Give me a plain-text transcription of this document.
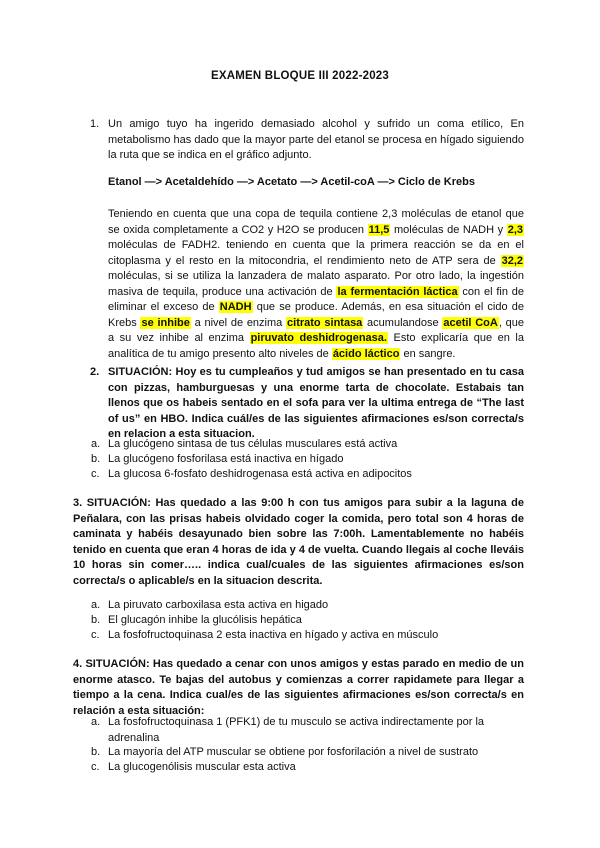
EXAMEN BLOQUE III 2022-2023
1. Un amigo tuyo ha ingerido demasiado alcohol y sufrido un coma etílico, En metabolismo has dado que la mayor parte del etanol se procesa en hígado siguiendo la ruta que se indica en el gráfico adjunto.
Etanol —> Acetaldehído —> Acetato —> Acetil-coA —> Ciclo de Krebs
Teniendo en cuenta que una copa de tequila contiene 2,3 moléculas de etanol que se oxida completamente a CO2 y H2O se producen 11,5 moléculas de NADH y 2,3 moléculas de FADH2. teniendo en cuenta que la primera reacción se da en el citoplasma y el resto en la mitocondria, el rendimiento neto de ATP sera de 32,2 moléculas, si se utiliza la lanzadera de malato asparato. Por otro lado, la ingestión masiva de tequila, produce una activación de la fermentación láctica con el fin de eliminar el exceso de NADH que se produce. Además, en esa situación el cido de Krebs se inhibe a nivel de enzima citrato sintasa acumulandose acetil CoA, que a su vez inhibe al enzima piruvato deshidrogenasa. Esto explicaría que en la analítica de tu amigo presento alto niveles de ácido láctico en sangre.
2. SITUACIÓN: Hoy es tu cumpleaños y tud amigos se han presentado en tu casa con pizzas, hamburguesas y una enorme tarta de chocolate. Estabais tan llenos que os habeis sentado en el sofa para ver la ultima entrega de “The last of us” en HBO. Indica cuál/es de las siguientes afirmaciones es/son correcta/s en relacion a esta situacion.
a. La glucógeno sintasa de tus células musculares está activa
b. La glucógeno fosforilasa está inactiva en hígado
c. La glucosa 6-fosfato deshidrogenasa está activa en adipocitos
3. SITUACIÓN: Has quedado a las 9:00 h con tus amigos para subir a la laguna de Peñalara, con las prisas habeis olvidado coger la comida, pero total son 4 horas de caminata y habéis desayunado bien sobre las 7:00h. Lamentablemente no habéis tenido en cuenta que eran 4 horas de ida y 4 de vuelta. Cuando llegais al coche lleváis 10 horas sin comer….. indica cual/cuales de las siguientes afirmaciones es/son correcta/s o aplicable/s en la situacion descrita.
a. La piruvato carboxilasa esta activa en higado
b. El glucagón inhibe la glucólisis hepática
c. La fosfofructoquinasa 2 esta inactiva en hígado y activa en músculo
4. SITUACIÓN: Has quedado a cenar con unos amigos y estas parado en medio de un enorme atasco. Te bajas del autobus y comienzas a correr rapidamete para llegar a tiempo a la cena. Indica cual/es de las siguientes afirmaciones es/son correcta/s en relación a esta situación:
a. La fosfofructoquinasa 1 (PFK1) de tu musculo se activa indirectamente por la adrenalina
b. La mayoría del ATP muscular se obtiene por fosforilación a nivel de sustrato
c. La glucogenólisis muscular esta activa
